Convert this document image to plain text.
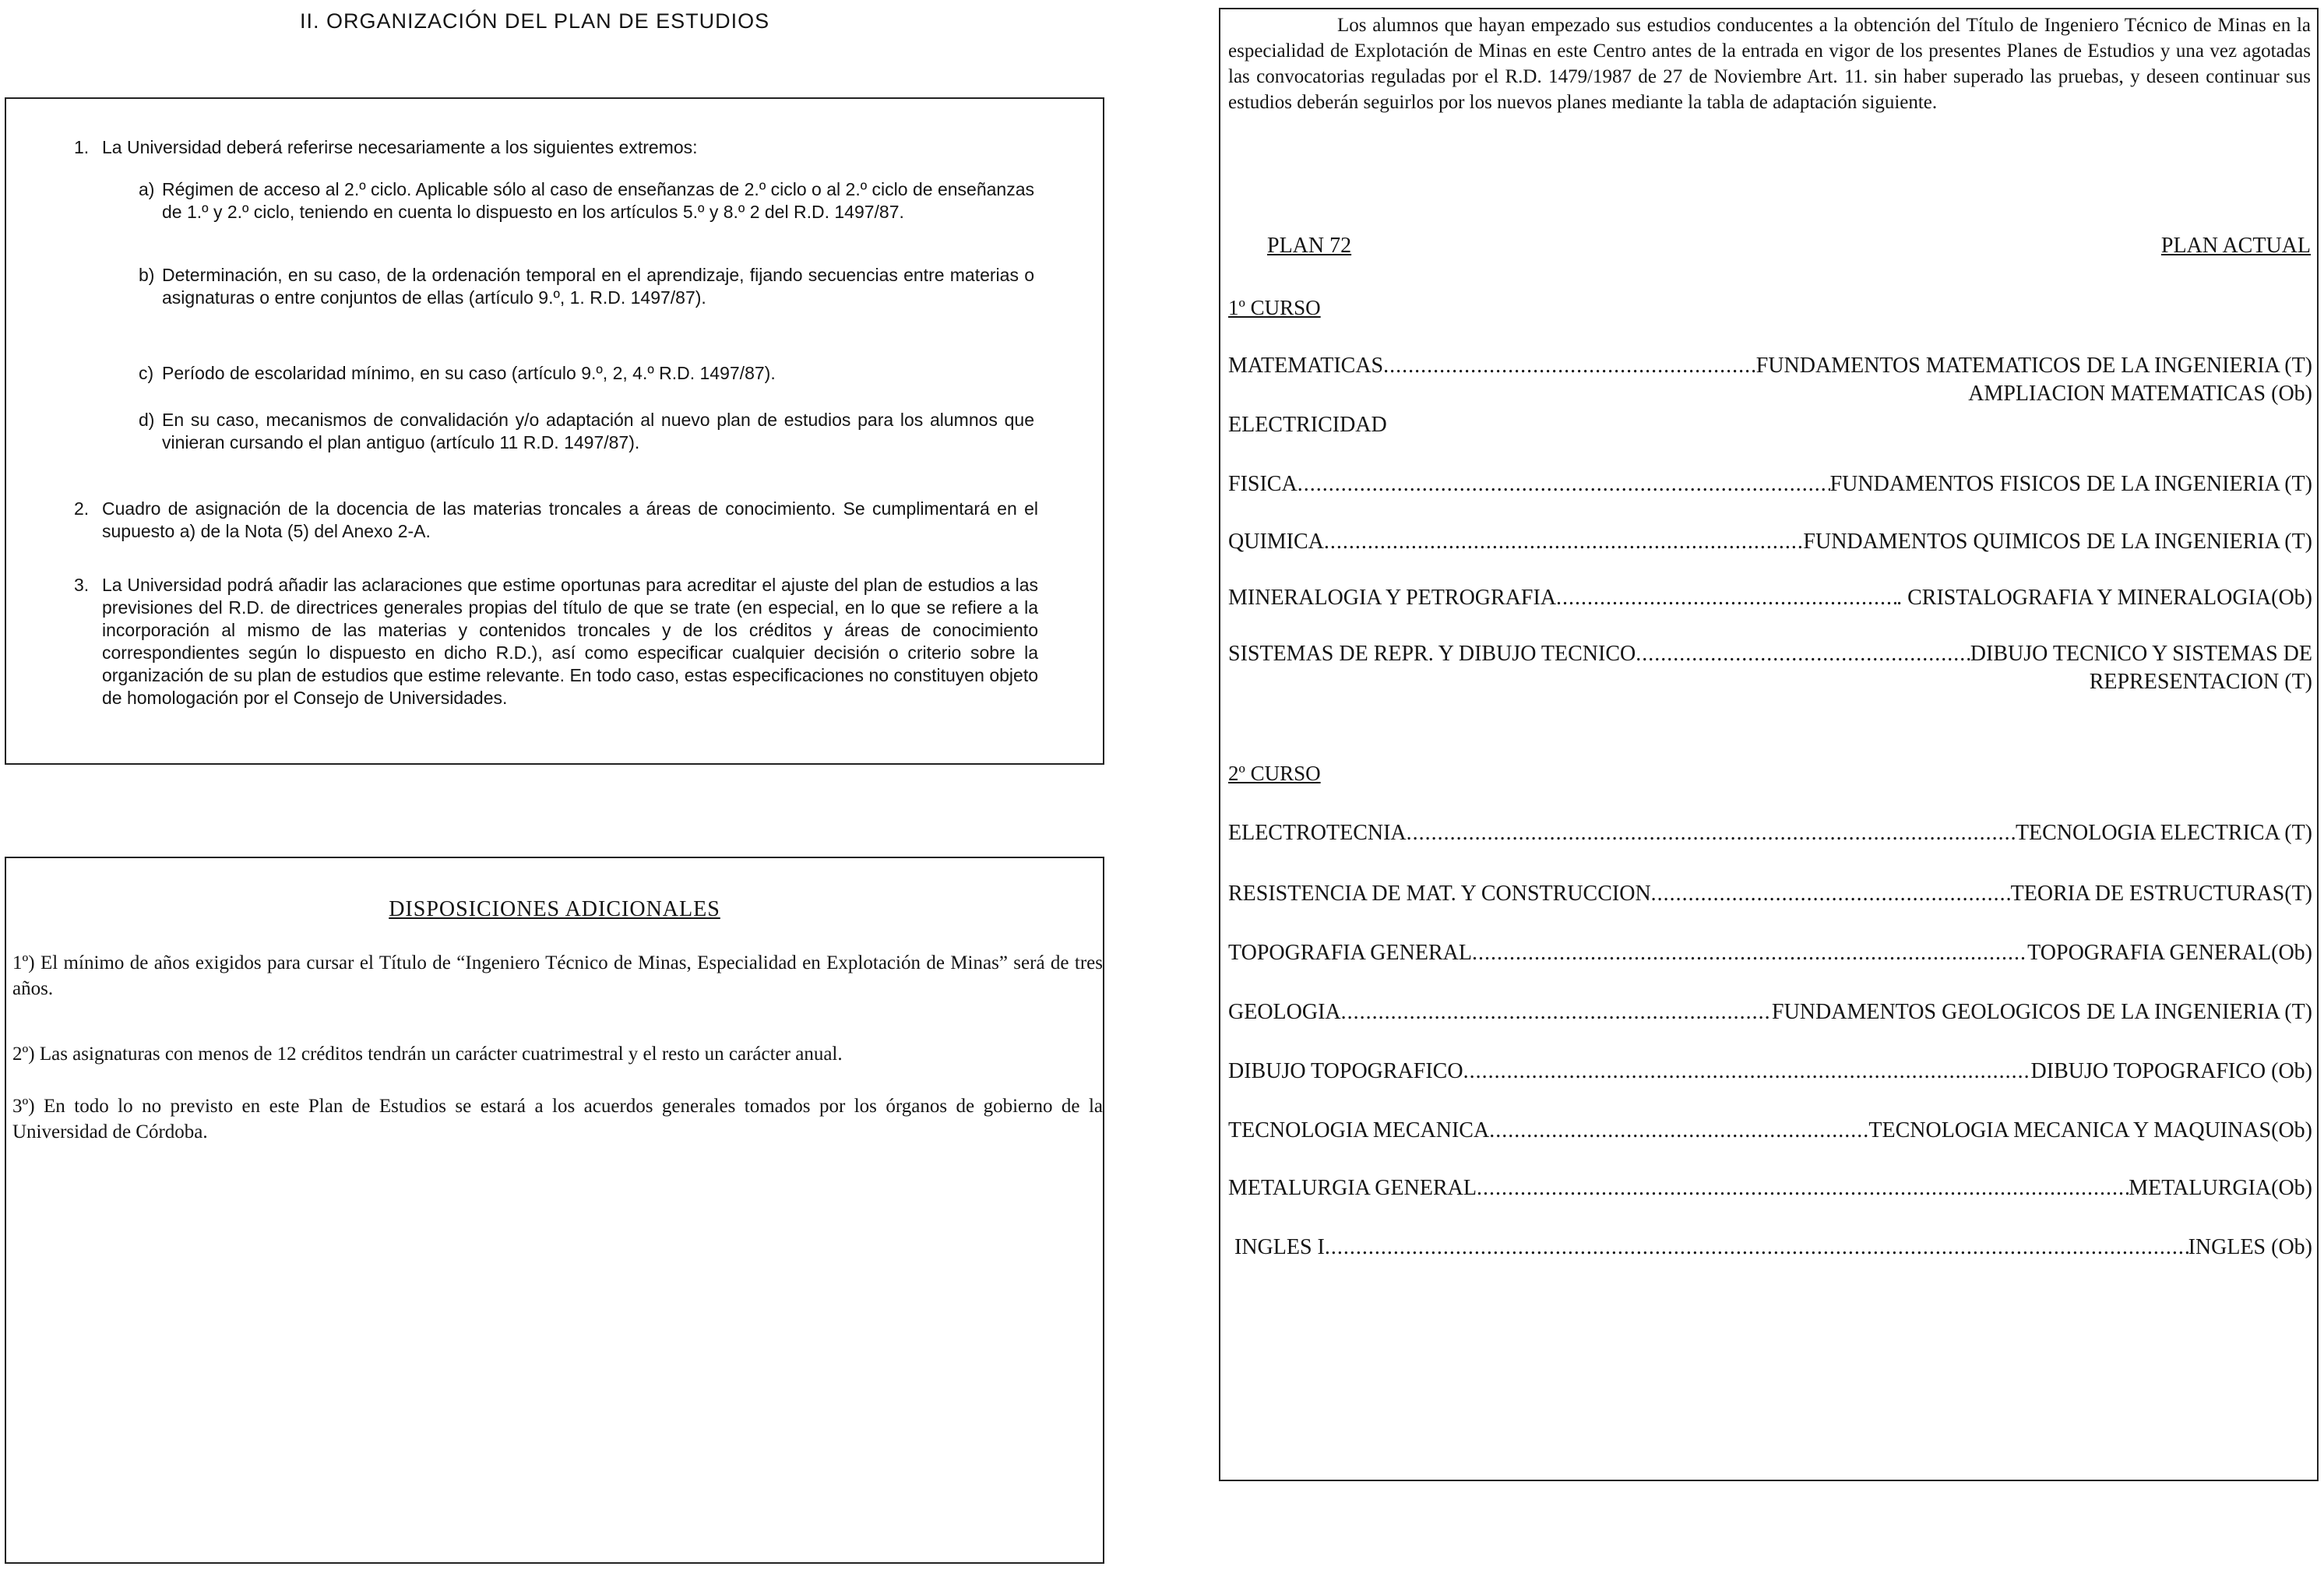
II. ORGANIZACIÓN DEL PLAN DE ESTUDIOS
1. La Universidad deberá referirse necesariamente a los siguientes extremos:
a) Régimen de acceso al 2.º ciclo. Aplicable sólo al caso de enseñanzas de 2.º ciclo o al 2.º ciclo de enseñanzas de 1.º y 2.º ciclo, teniendo en cuenta lo dispuesto en los artículos 5.º y 8.º 2 del R.D. 1497/87.
b) Determinación, en su caso, de la ordenación temporal en el aprendizaje, fijando secuencias entre materias o asignaturas o entre conjuntos de ellas (artículo 9.º, 1. R.D. 1497/87).
c) Período de escolaridad mínimo, en su caso (artículo 9.º, 2, 4.º R.D. 1497/87).
d) En su caso, mecanismos de convalidación y/o adaptación al nuevo plan de estudios para los alumnos que vinieran cursando el plan antiguo (artículo 11 R.D. 1497/87).
2. Cuadro de asignación de la docencia de las materias troncales a áreas de conocimiento. Se cumplimentará en el supuesto a) de la Nota (5) del Anexo 2-A.
3. La Universidad podrá añadir las aclaraciones que estime oportunas para acreditar el ajuste del plan de estudios a las previsiones del R.D. de directrices generales propias del título de que se trate (en especial, en lo que se refiere a la incorporación al mismo de las materias y contenidos troncales y de los créditos y áreas de conocimiento correspondientes según lo dispuesto en dicho R.D.), así como especificar cualquier decisión o criterio sobre la organización de su plan de estudios que estime relevante. En todo caso, estas especificaciones no constituyen objeto de homologación por el Consejo de Universidades.
DISPOSICIONES ADICIONALES
1º) El mínimo de años exigidos para cursar el Título de “Ingeniero Técnico de Minas, Especialidad en Explotación de Minas” será de tres años.
2º) Las asignaturas con menos de 12 créditos tendrán un carácter cuatrimestral y el resto un carácter anual.
3º) En todo lo no previsto en este Plan de Estudios se estará a los acuerdos generales tomados por los órganos de gobierno de la Universidad de Córdoba.
Los alumnos que hayan empezado sus estudios conducentes a la obtención del Título de Ingeniero Técnico de Minas en la especialidad de Explotación de Minas en este Centro antes de la entrada en vigor de los presentes Planes de Estudios y una vez agotadas las convocatorias reguladas por el R.D. 1479/1987 de 27 de Noviembre Art. 11. sin haber superado las pruebas, y deseen continuar sus estudios deberán seguirlos por los nuevos planes mediante la tabla de adaptación siguiente.
PLAN 72	PLAN ACTUAL
1º CURSO
MATEMATICAS .....	FUNDAMENTOS MATEMATICOS DE LA INGENIERIA (T)
AMPLIACION MATEMATICAS (Ob)
ELECTRICIDAD
FISICA .....	FUNDAMENTOS FISICOS DE LA INGENIERIA (T)
QUIMICA .....	FUNDAMENTOS QUIMICOS DE LA INGENIERIA (T)
MINERALOGIA Y PETROGRAFIA .....	. CRISTALOGRAFIA Y MINERALOGIA(Ob)
SISTEMAS DE REPR. Y DIBUJO TECNICO .....	DIBUJO TECNICO Y SISTEMAS DE
REPRESENTACION (T)
2º CURSO
ELECTROTECNIA .....	TECNOLOGIA ELECTRICA (T)
RESISTENCIA DE MAT. Y CONSTRUCCION .....	TEORIA DE ESTRUCTURAS(T)
TOPOGRAFIA GENERAL .....	TOPOGRAFIA GENERAL(Ob)
GEOLOGIA .....	FUNDAMENTOS GEOLOGICOS DE LA INGENIERIA (T)
DIBUJO TOPOGRAFICO .....	DIBUJO TOPOGRAFICO (Ob)
TECNOLOGIA MECANICA .....	TECNOLOGIA MECANICA Y MAQUINAS(Ob)
METALURGIA GENERAL .....	METALURGIA(Ob)
INGLES I .....	INGLES (Ob)
